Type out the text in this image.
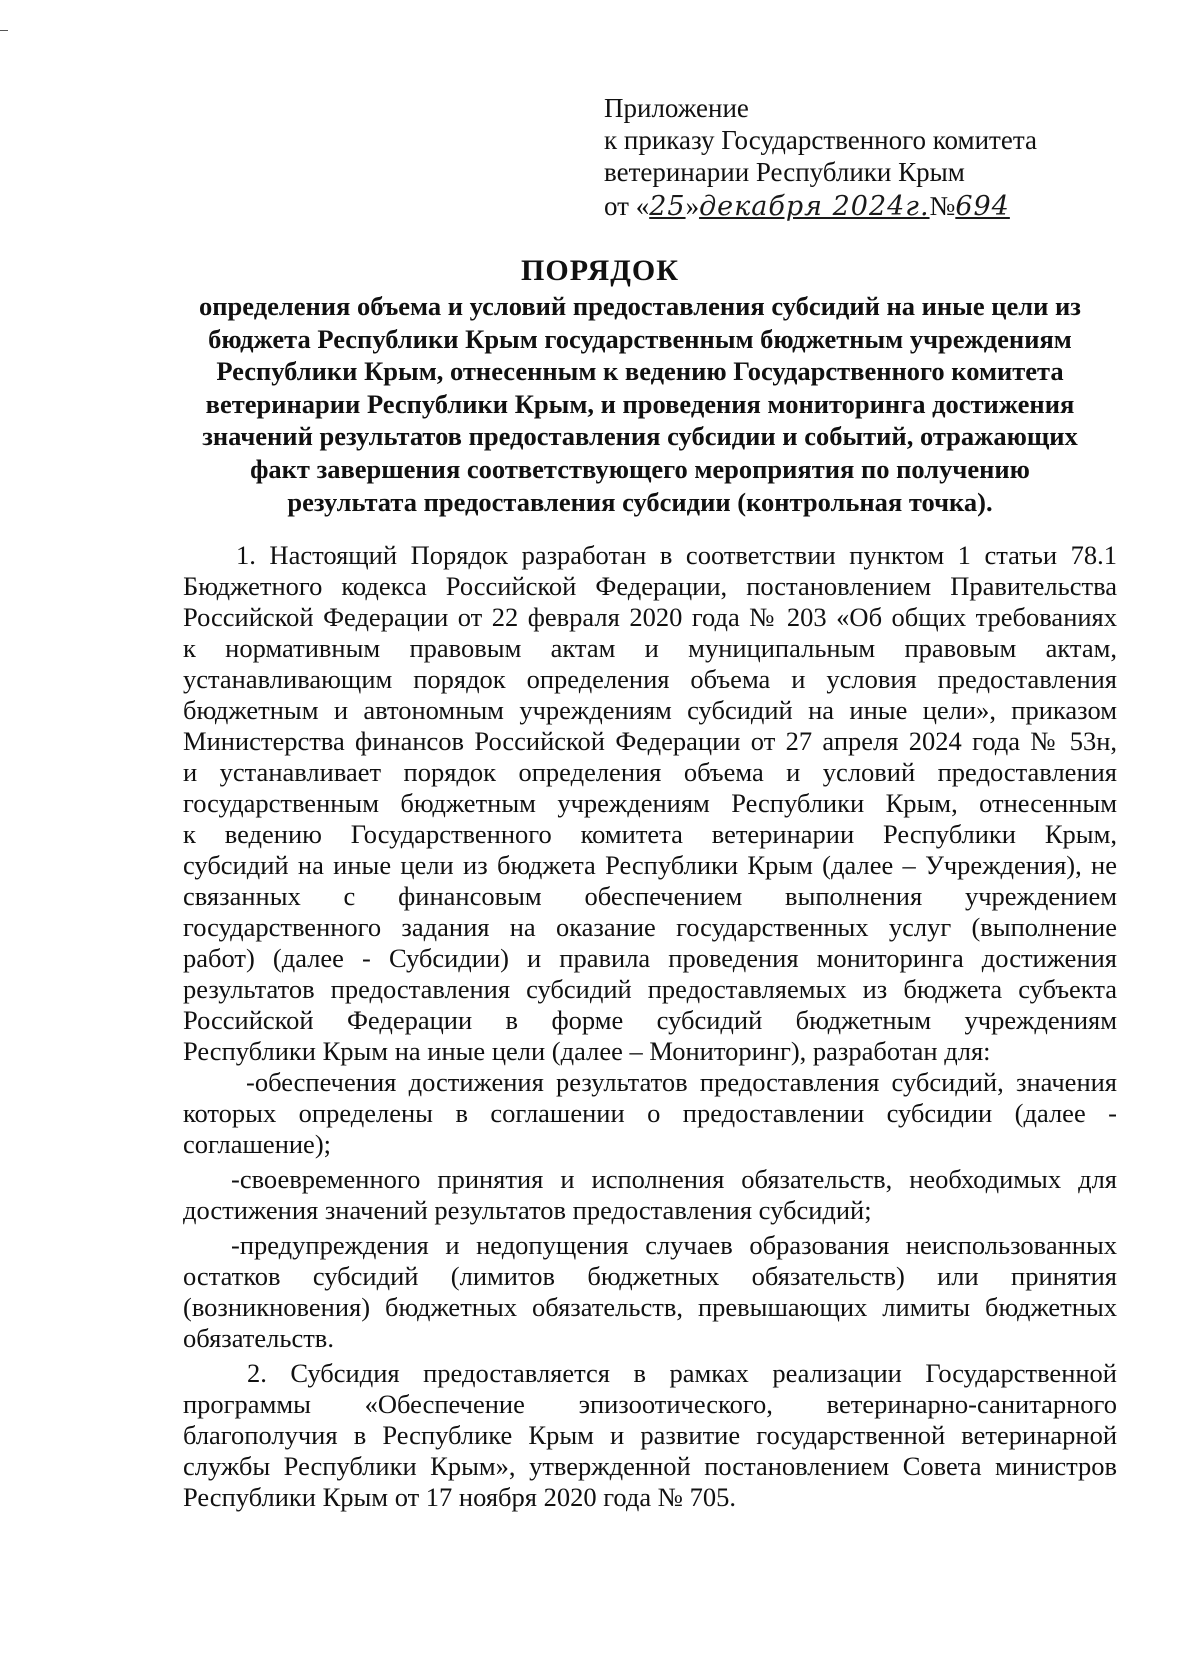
Приложение
к приказу Государственного комитета
ветеринарии Республики Крым
от «25»декабря 2024г.№694
ПОРЯДОК
определения объема и условий предоставления субсидий на иные цели из
бюджета Республики Крым государственным бюджетным учреждениям
Республики Крым, отнесенным к ведению Государственного комитета
ветеринарии Республики Крым, и проведения мониторинга достижения
значений результатов предоставления субсидии и событий, отражающих
факт завершения соответствующего мероприятия по получению
результата предоставления субсидии (контрольная точка).
1. Настоящий Порядок разработан в соответствии пунктом 1 статьи 78.1
Бюджетного кодекса Российской Федерации, постановлением Правительства
Российской Федерации от 22 февраля 2020 года № 203 «Об общих требованиях
к нормативным правовым актам и муниципальным правовым актам,
устанавливающим порядок определения объема и условия предоставления
бюджетным и автономным учреждениям субсидий на иные цели», приказом
Министерства финансов Российской Федерации от 27 апреля 2024 года № 53н,
и устанавливает порядок определения объема и условий предоставления
государственным бюджетным учреждениям Республики Крым, отнесенным
к ведению Государственного комитета ветеринарии Республики Крым,
субсидий на иные цели из бюджета Республики Крым (далее – Учреждения), не
связанных с финансовым обеспечением выполнения учреждением
государственного задания на оказание государственных услуг (выполнение
работ) (далее - Субсидии) и правила проведения мониторинга достижения
результатов предоставления субсидий предоставляемых из бюджета субъекта
Российской Федерации в форме субсидий бюджетным учреждениям
Республики Крым на иные цели (далее – Мониторинг), разработан для:
-обеспечения достижения результатов предоставления субсидий, значения
которых определены в соглашении о предоставлении субсидии (далее -
соглашение);
-своевременного принятия и исполнения обязательств, необходимых для
достижения значений результатов предоставления субсидий;
-предупреждения и недопущения случаев образования неиспользованных
остатков субсидий (лимитов бюджетных обязательств) или принятия
(возникновения) бюджетных обязательств, превышающих лимиты бюджетных
обязательств.
2. Субсидия предоставляется в рамках реализации Государственной
программы «Обеспечение эпизоотического, ветеринарно-санитарного
благополучия в Республике Крым и развитие государственной ветеринарной
службы Республики Крым», утвержденной постановлением Совета министров
Республики Крым от 17 ноября 2020 года № 705.
